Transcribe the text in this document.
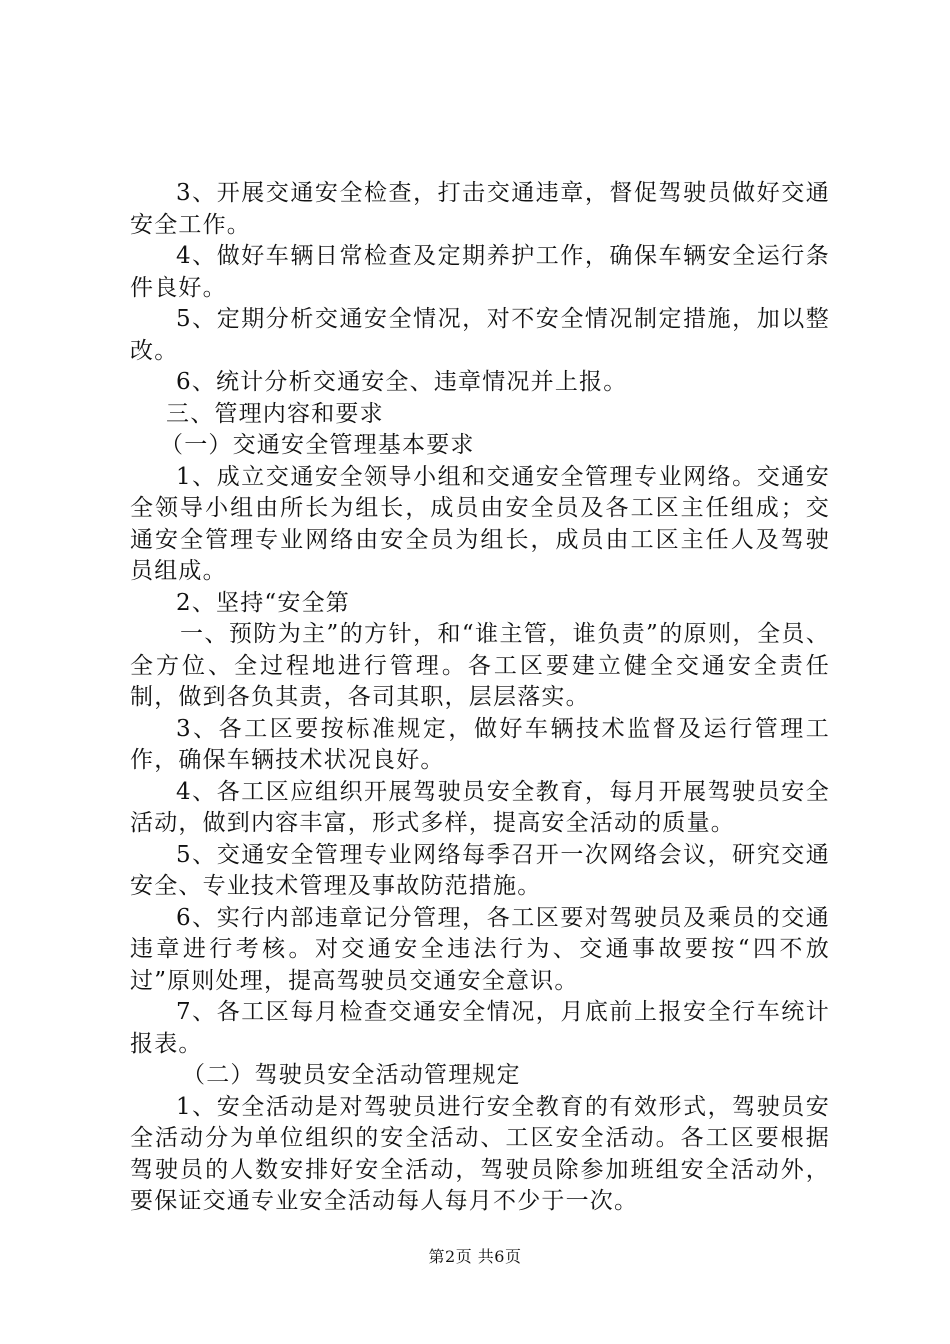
3、开展交通安全检查，打击交通违章，督促驾驶员做好交通安全工作。

4、做好车辆日常检查及定期养护工作，确保车辆安全运行条件良好。

5、定期分析交通安全情况，对不安全情况制定措施，加以整改。

6、统计分析交通安全、违章情况并上报。

三、管理内容和要求

（一）交通安全管理基本要求

1、成立交通安全领导小组和交通安全管理专业网络。交通安全领导小组由所长为组长，成员由安全员及各工区主任组成；交通安全管理专业网络由安全员为组长，成员由工区主任人及驾驶员组成。

2、坚持“安全第

一、预防为主”的方针，和“谁主管，谁负责”的原则，全员、全方位、全过程地进行管理。各工区要建立健全交通安全责任制，做到各负其责，各司其职，层层落实。

3、各工区要按标准规定，做好车辆技术监督及运行管理工作，确保车辆技术状况良好。

4、各工区应组织开展驾驶员安全教育，每月开展驾驶员安全活动，做到内容丰富，形式多样，提高安全活动的质量。

5、交通安全管理专业网络每季召开一次网络会议，研究交通安全、专业技术管理及事故防范措施。

6、实行内部违章记分管理，各工区要对驾驶员及乘员的交通违章进行考核。对交通安全违法行为、交通事故要按“四不放过”原则处理，提高驾驶员交通安全意识。

7、各工区每月检查交通安全情况，月底前上报安全行车统计报表。

（二）驾驶员安全活动管理规定

1、安全活动是对驾驶员进行安全教育的有效形式，驾驶员安全活动分为单位组织的安全活动、工区安全活动。各工区要根据驾驶员的人数安排好安全活动，驾驶员除参加班组安全活动外，要保证交通专业安全活动每人每月不少于一次。

第2页 共6页
